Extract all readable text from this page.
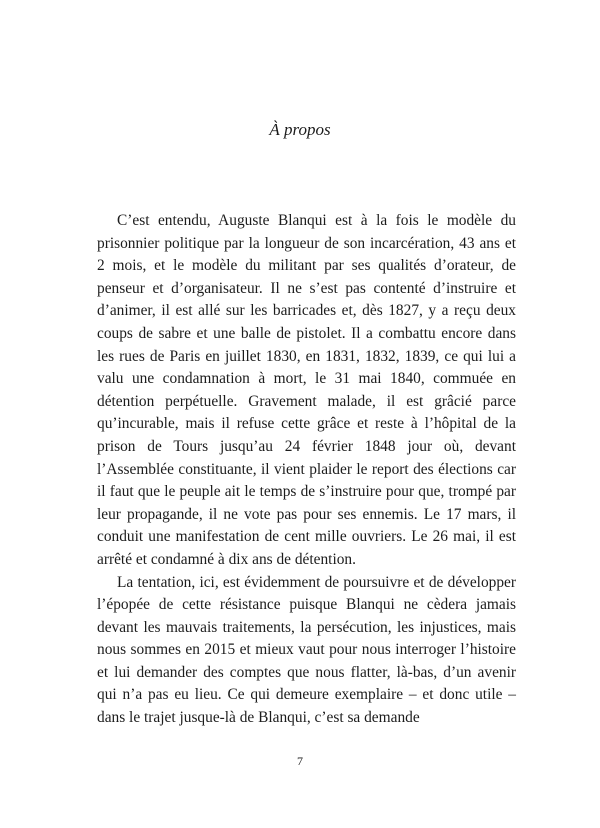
À propos

C’est entendu, Auguste Blanqui est à la fois le modèle du prisonnier politique par la longueur de son incarcération, 43 ans et 2 mois, et le modèle du militant par ses qualités d’orateur, de penseur et d’organisateur. Il ne s’est pas contenté d’instruire et d’animer, il est allé sur les barricades et, dès 1827, y a reçu deux coups de sabre et une balle de pistolet. Il a combattu encore dans les rues de Paris en juillet 1830, en 1831, 1832, 1839, ce qui lui a valu une condamnation à mort, le 31 mai 1840, commuée en détention perpétuelle. Gravement malade, il est grâcié parce qu’incurable, mais il refuse cette grâce et reste à l’hôpital de la prison de Tours jusqu’au 24 février 1848 jour où, devant l’Assemblée constituante, il vient plaider le report des élections car il faut que le peuple ait le temps de s’instruire pour que, trompé par leur propagande, il ne vote pas pour ses ennemis. Le 17 mars, il conduit une manifestation de cent mille ouvriers. Le 26 mai, il est arrêté et condamné à dix ans de détention.

La tentation, ici, est évidemment de poursuivre et de développer l’épopée de cette résistance puisque Blanqui ne cèdera jamais devant les mauvais traitements, la persécution, les injustices, mais nous sommes en 2015 et mieux vaut pour nous interroger l’histoire et lui demander des comptes que nous flatter, là-bas, d’un avenir qui n’a pas eu lieu. Ce qui demeure exemplaire – et donc utile – dans le trajet jusque-là de Blanqui, c’est sa demande

7
